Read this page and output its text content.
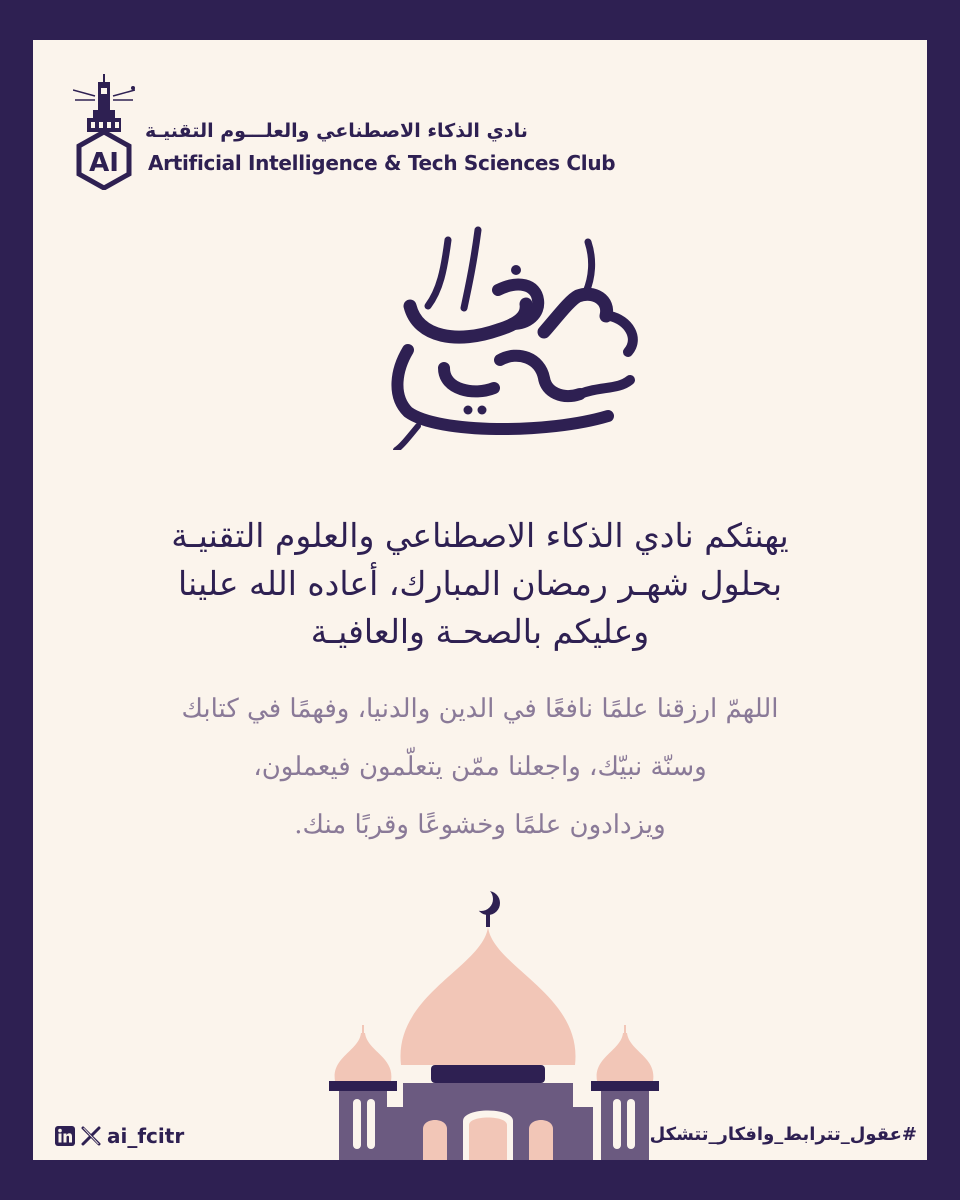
AI
نادي الذكاء الاصطناعي والعلـــوم التقنيـة
Artificial Intelligence & Tech Sciences Club
يهنئكم نادي الذكاء الاصطناعي والعلوم التقنيـة
بحلول شهـر رمضان المبارك، أعاده الله علينا
وعليكم بالصحـة والعافيـة
اللهمّ ارزقنا علمًا نافعًا في الدين والدنيا، وفهمًا في كتابك
وسنّة نبيّك، واجعلنا ممّن يتعلّمون فيعملون،
ويزدادون علمًا وخشوعًا وقربًا منك.
ai_fcitr	#عقول_تترابط_وافكار_تتشكل
